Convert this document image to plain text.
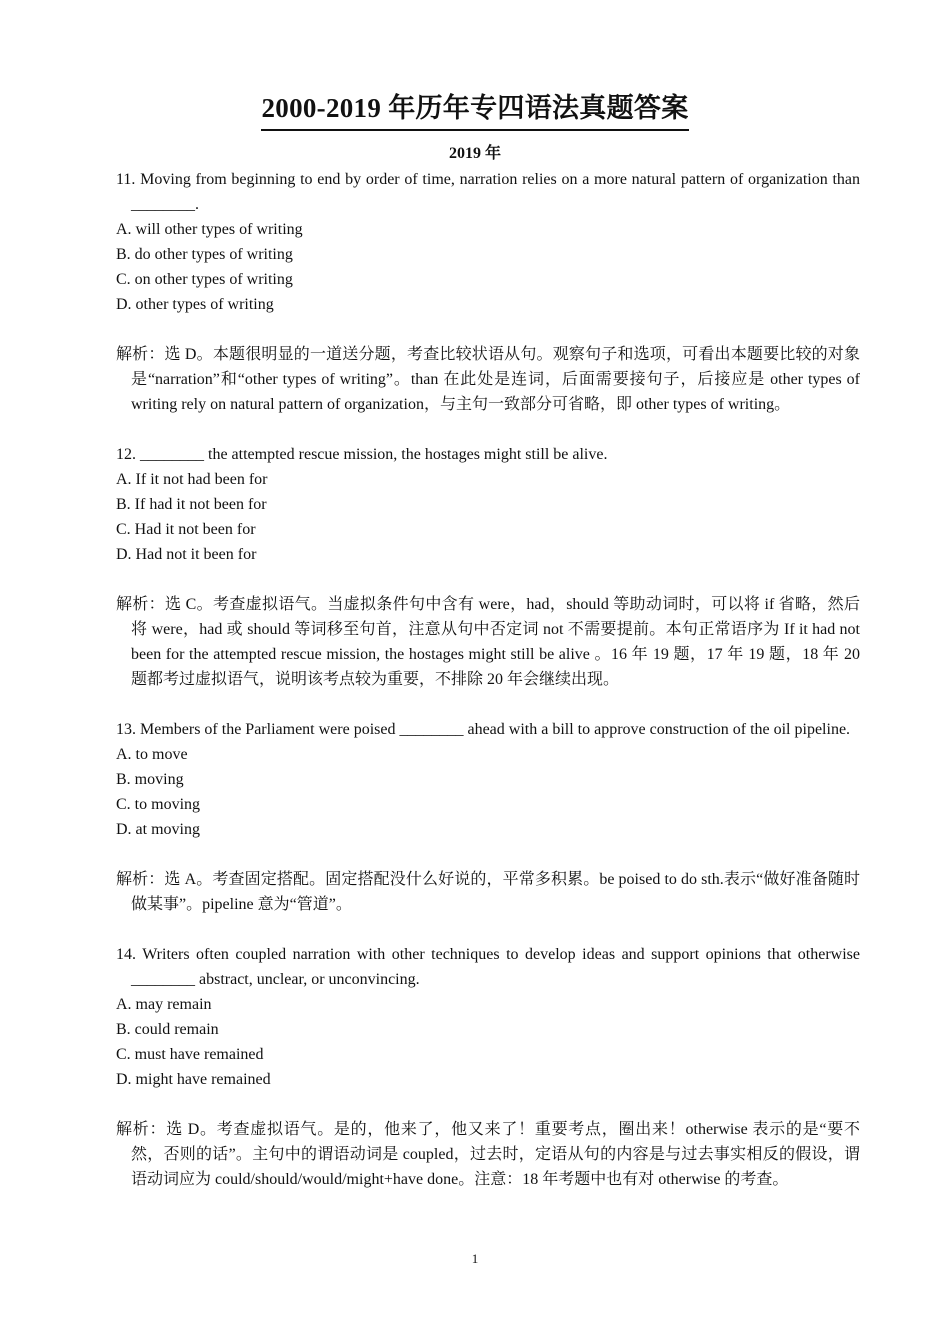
2000-2019 年历年专四语法真题答案
2019 年
11. Moving from beginning to end by order of time, narration relies on a more natural pattern of organization than ________.
A. will other types of writing
B. do other types of writing
C. on other types of writing
D. other types of writing
解析：选 D。本题很明显的一道送分题，考查比较状语从句。观察句子和选项，可看出本题要比较的对象是“narration”和“other types of writing”。than 在此处是连词，后面需要接句子，后接应是 other types of writing rely on natural pattern of organization，与主句一致部分可省略，即 other types of writing。
12. ________ the attempted rescue mission, the hostages might still be alive.
A. If it not had been for
B. If had it not been for
C. Had it not been for
D. Had not it been for
解析：选 C。考查虚拟语气。当虚拟条件句中含有 were，had，should 等助动词时，可以将 if 省略，然后将 were，had 或 should 等词移至句首，注意从句中否定词 not 不需要提前。本句正常语序为 If it had not been for the attempted rescue mission, the hostages might still be alive 。16 年 19 题，17 年 19 题，18 年 20 题都考过虚拟语气，说明该考点较为重要，不排除 20 年会继续出现。
13. Members of the Parliament were poised ________ ahead with a bill to approve construction of the oil pipeline.
A. to move
B. moving
C. to moving
D. at moving
解析：选 A。考查固定搭配。固定搭配没什么好说的，平常多积累。be poised to do sth.表示“做好准备随时做某事”。pipeline 意为“管道”。
14. Writers often coupled narration with other techniques to develop ideas and support opinions that otherwise ________ abstract, unclear, or unconvincing.
A. may remain
B. could remain
C. must have remained
D. might have remained
解析：选 D。考查虚拟语气。是的，他来了，他又来了！重要考点，圈出来！otherwise 表示的是“要不然，否则的话”。主句中的谓语动词是 coupled，过去时，定语从句的内容是与过去事实相反的假设，谓语动词应为 could/should/would/might+have done。注意：18 年考题中也有对 otherwise 的考查。
1
